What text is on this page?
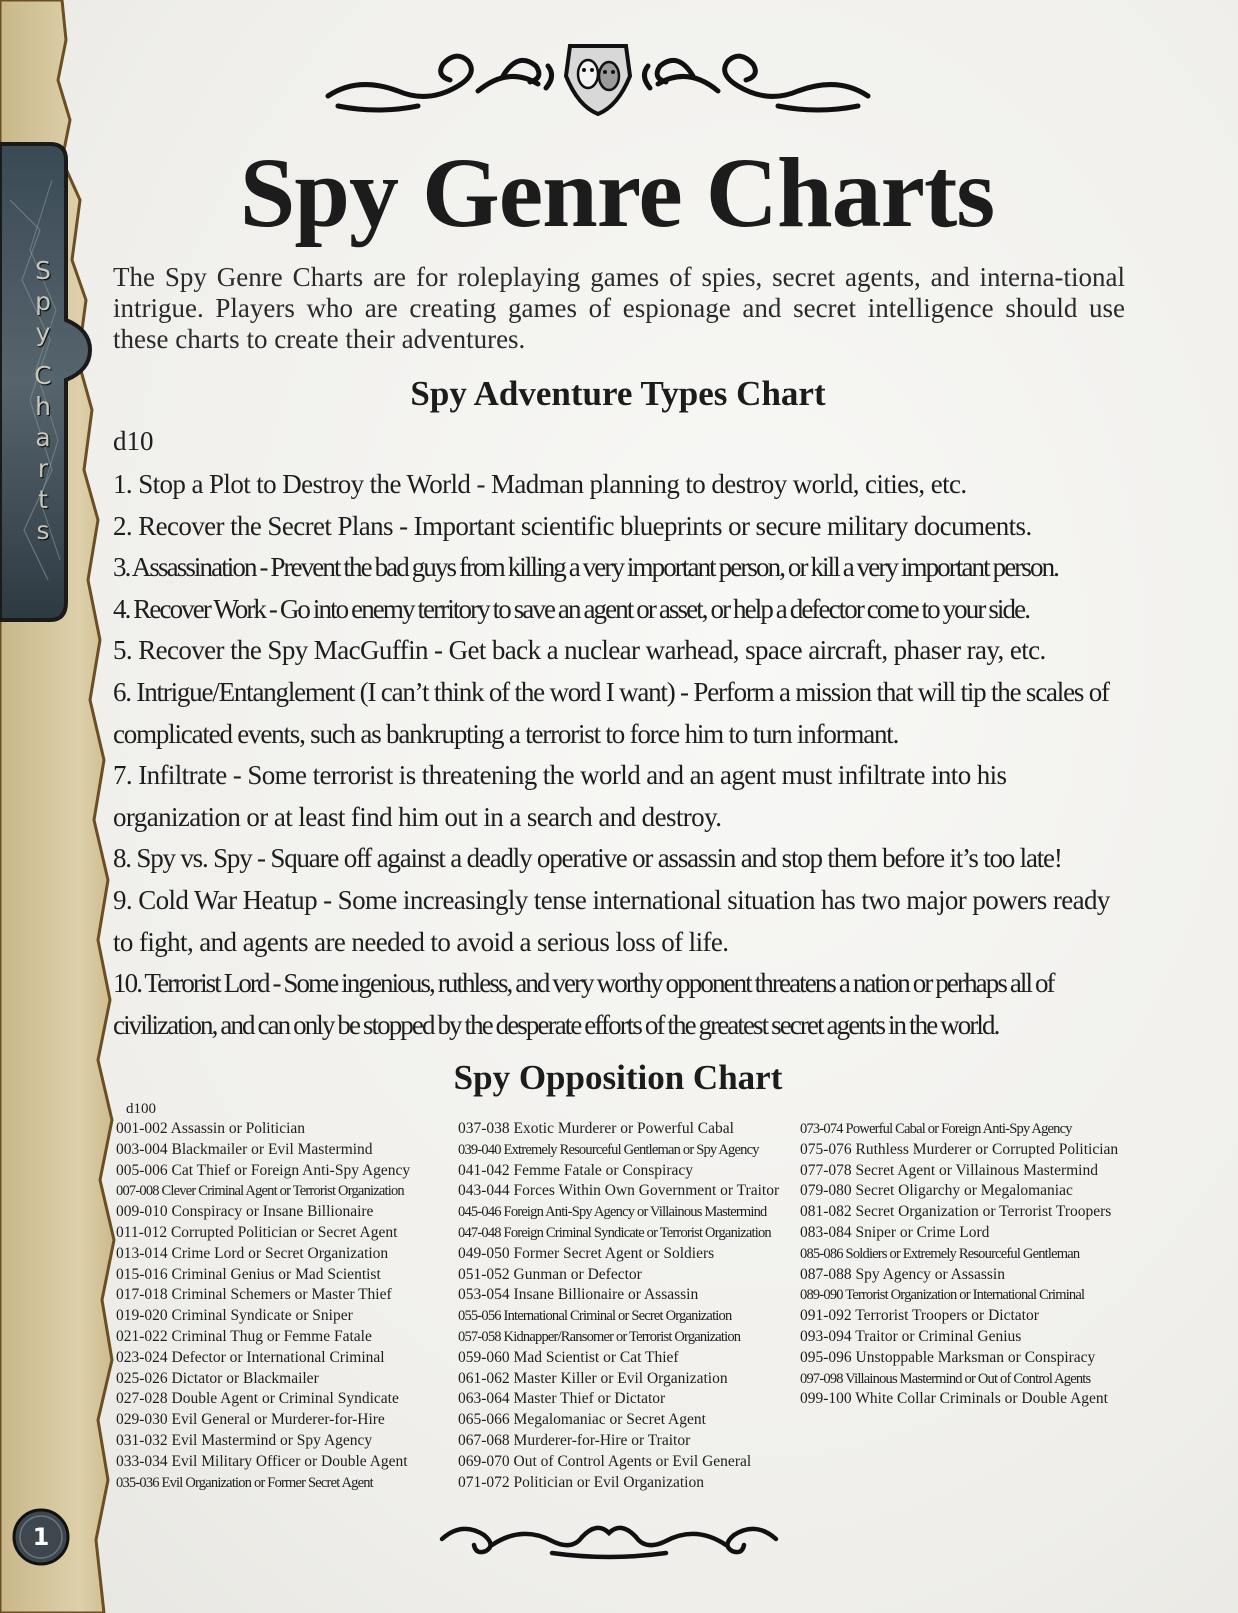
S
p
y
C
h
a
r
t
s
1
Spy Genre Charts

The Spy Genre Charts are for roleplaying games of spies, secret agents, and interna-tional intrigue. Players who are creating games of espionage and secret intelligence should use these charts to create their adventures.

Spy Adventure Types Chart
d10
1. Stop a Plot to Destroy the World - Madman planning to destroy world, cities, etc.
2. Recover the Secret Plans - Important scientific blueprints or secure military documents.
3. Assassination - Prevent the bad guys from killing a very important person, or kill a very important person.
4. Recover Work - Go into enemy territory to save an agent or asset, or help a defector come to your side.
5. Recover the Spy MacGuffin - Get back a nuclear warhead, space aircraft, phaser ray, etc.
6. Intrigue/Entanglement (I can’t think of the word I want) - Perform a mission that will tip the scales of complicated events, such as bankrupting a terrorist to force him to turn informant.
7. Infiltrate - Some terrorist is threatening the world and an agent must infiltrate into his organization or at least find him out in a search and destroy.
8. Spy vs. Spy - Square off against a deadly operative or assassin and stop them before it’s too late!
9. Cold War Heatup - Some increasingly tense international situation has two major powers ready to fight, and agents are needed to avoid a serious loss of life.
10. Terrorist Lord - Some ingenious, ruthless, and very worthy opponent threatens a nation or perhaps all of civilization, and can only be stopped by the desperate efforts of the greatest secret agents in the world.
Spy Opposition Chart
d100
001-002 Assassin or Politician
003-004 Blackmailer or Evil Mastermind
005-006 Cat Thief or Foreign Anti-Spy Agency
007-008 Clever Criminal Agent or Terrorist Organization
009-010 Conspiracy or Insane Billionaire
011-012 Corrupted Politician or Secret Agent
013-014 Crime Lord or Secret Organization
015-016 Criminal Genius or Mad Scientist
017-018 Criminal Schemers or Master Thief
019-020 Criminal Syndicate or Sniper
021-022 Criminal Thug or Femme Fatale
023-024 Defector or International Criminal
025-026 Dictator or Blackmailer
027-028 Double Agent or Criminal Syndicate
029-030 Evil General or Murderer-for-Hire
031-032 Evil Mastermind or Spy Agency
033-034 Evil Military Officer or Double Agent
035-036 Evil Organization or Former Secret Agent
037-038 Exotic Murderer or Powerful Cabal
039-040 Extremely Resourceful Gentleman or Spy Agency
041-042 Femme Fatale or Conspiracy
043-044 Forces Within Own Government or Traitor
045-046 Foreign Anti-Spy Agency or Villainous Mastermind
047-048 Foreign Criminal Syndicate or Terrorist Organization
049-050 Former Secret Agent or Soldiers
051-052 Gunman or Defector
053-054 Insane Billionaire or Assassin
055-056 International Criminal or Secret Organization
057-058 Kidnapper/Ransomer or Terrorist Organization
059-060 Mad Scientist or Cat Thief
061-062 Master Killer or Evil Organization
063-064 Master Thief or Dictator
065-066 Megalomaniac or Secret Agent
067-068 Murderer-for-Hire or Traitor
069-070 Out of Control Agents or Evil General
071-072 Politician or Evil Organization
073-074 Powerful Cabal or Foreign Anti-Spy Agency
075-076 Ruthless Murderer or Corrupted Politician
077-078 Secret Agent or Villainous Mastermind
079-080 Secret Oligarchy or Megalomaniac
081-082 Secret Organization or Terrorist Troopers
083-084 Sniper or Crime Lord
085-086 Soldiers or Extremely Resourceful Gentleman
087-088 Spy Agency or Assassin
089-090 Terrorist Organization or International Criminal
091-092 Terrorist Troopers or Dictator
093-094 Traitor or Criminal Genius
095-096 Unstoppable Marksman or Conspiracy
097-098 Villainous Mastermind or Out of Control Agents
099-100 White Collar Criminals or Double Agent
